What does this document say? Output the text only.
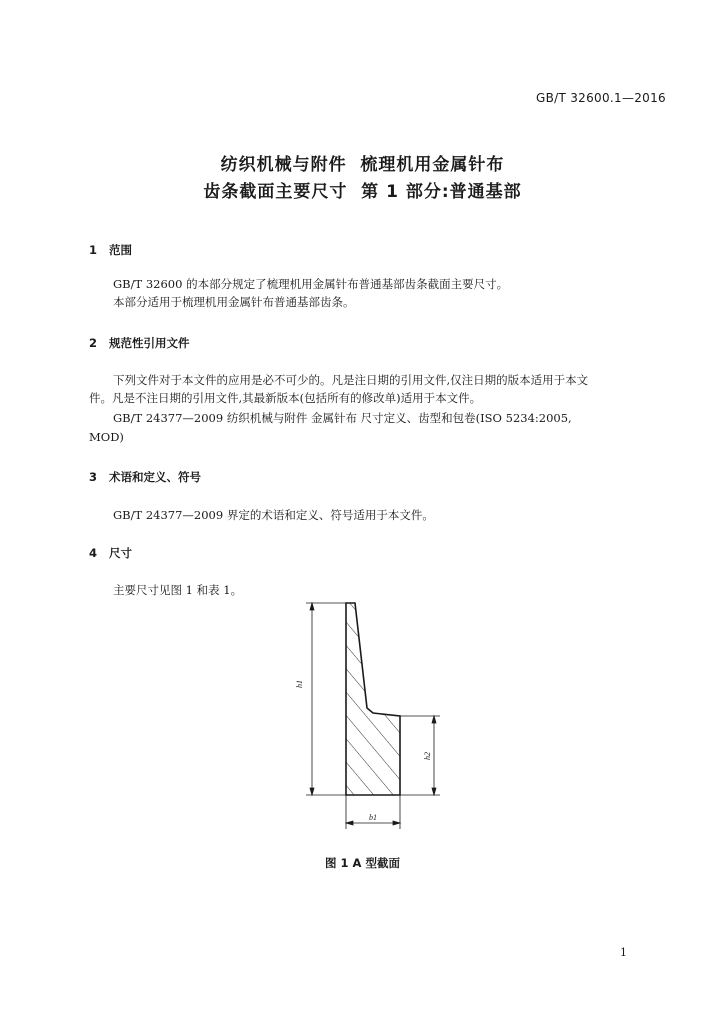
GB/T 32600.1—2016
纺织机械与附件  梳理机用金属针布
齿条截面主要尺寸  第 1 部分:普通基部
1 范围
GB/T 32600 的本部分规定了梳理机用金属针布普通基部齿条截面主要尺寸。
本部分适用于梳理机用金属针布普通基部齿条。
2 规范性引用文件
下列文件对于本文件的应用是必不可少的。凡是注日期的引用文件,仅注日期的版本适用于本文
件。凡是不注日期的引用文件,其最新版本(包括所有的修改单)适用于本文件。
GB/T 24377—2009 纺织机械与附件 金属针布 尺寸定义、齿型和包卷(ISO 5234:2005,
MOD)
3 术语和定义、符号
GB/T 24377—2009 界定的术语和定义、符号适用于本文件。
4 尺寸
主要尺寸见图 1 和表 1。
h1
h2
b1
图 1 A 型截面
1
